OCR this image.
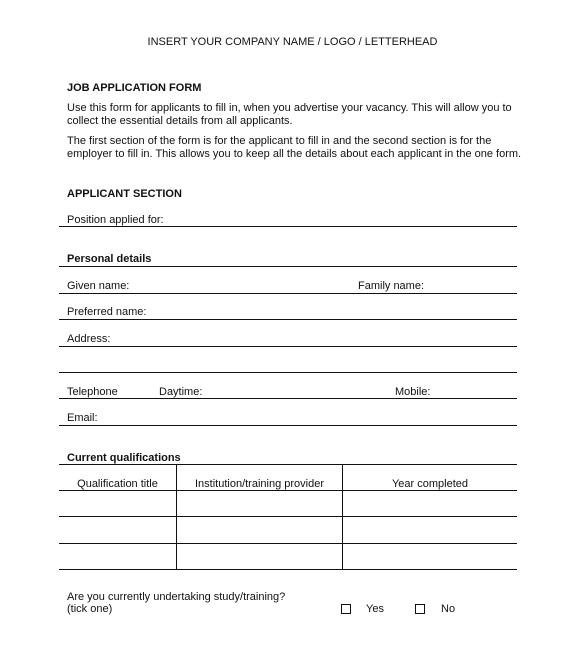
INSERT YOUR COMPANY NAME / LOGO / LETTERHEAD
JOB APPLICATION FORM
Use this form for applicants to fill in, when you advertise your vacancy. This will allow you to
collect the essential details from all applicants.
The first section of the form is for the applicant to fill in and the second section is for the
employer to fill in. This allows you to keep all the details about each applicant in the one form.
APPLICANT SECTION
Position applied for:
Personal details
Given name:	Family name:
Preferred name:
Address:
Telephone	Daytime:	Mobile:
Email:
Current qualifications
Qualification title	Institution/training provider	Year completed
Are you currently undertaking study/training?
(tick one)	Yes	No
